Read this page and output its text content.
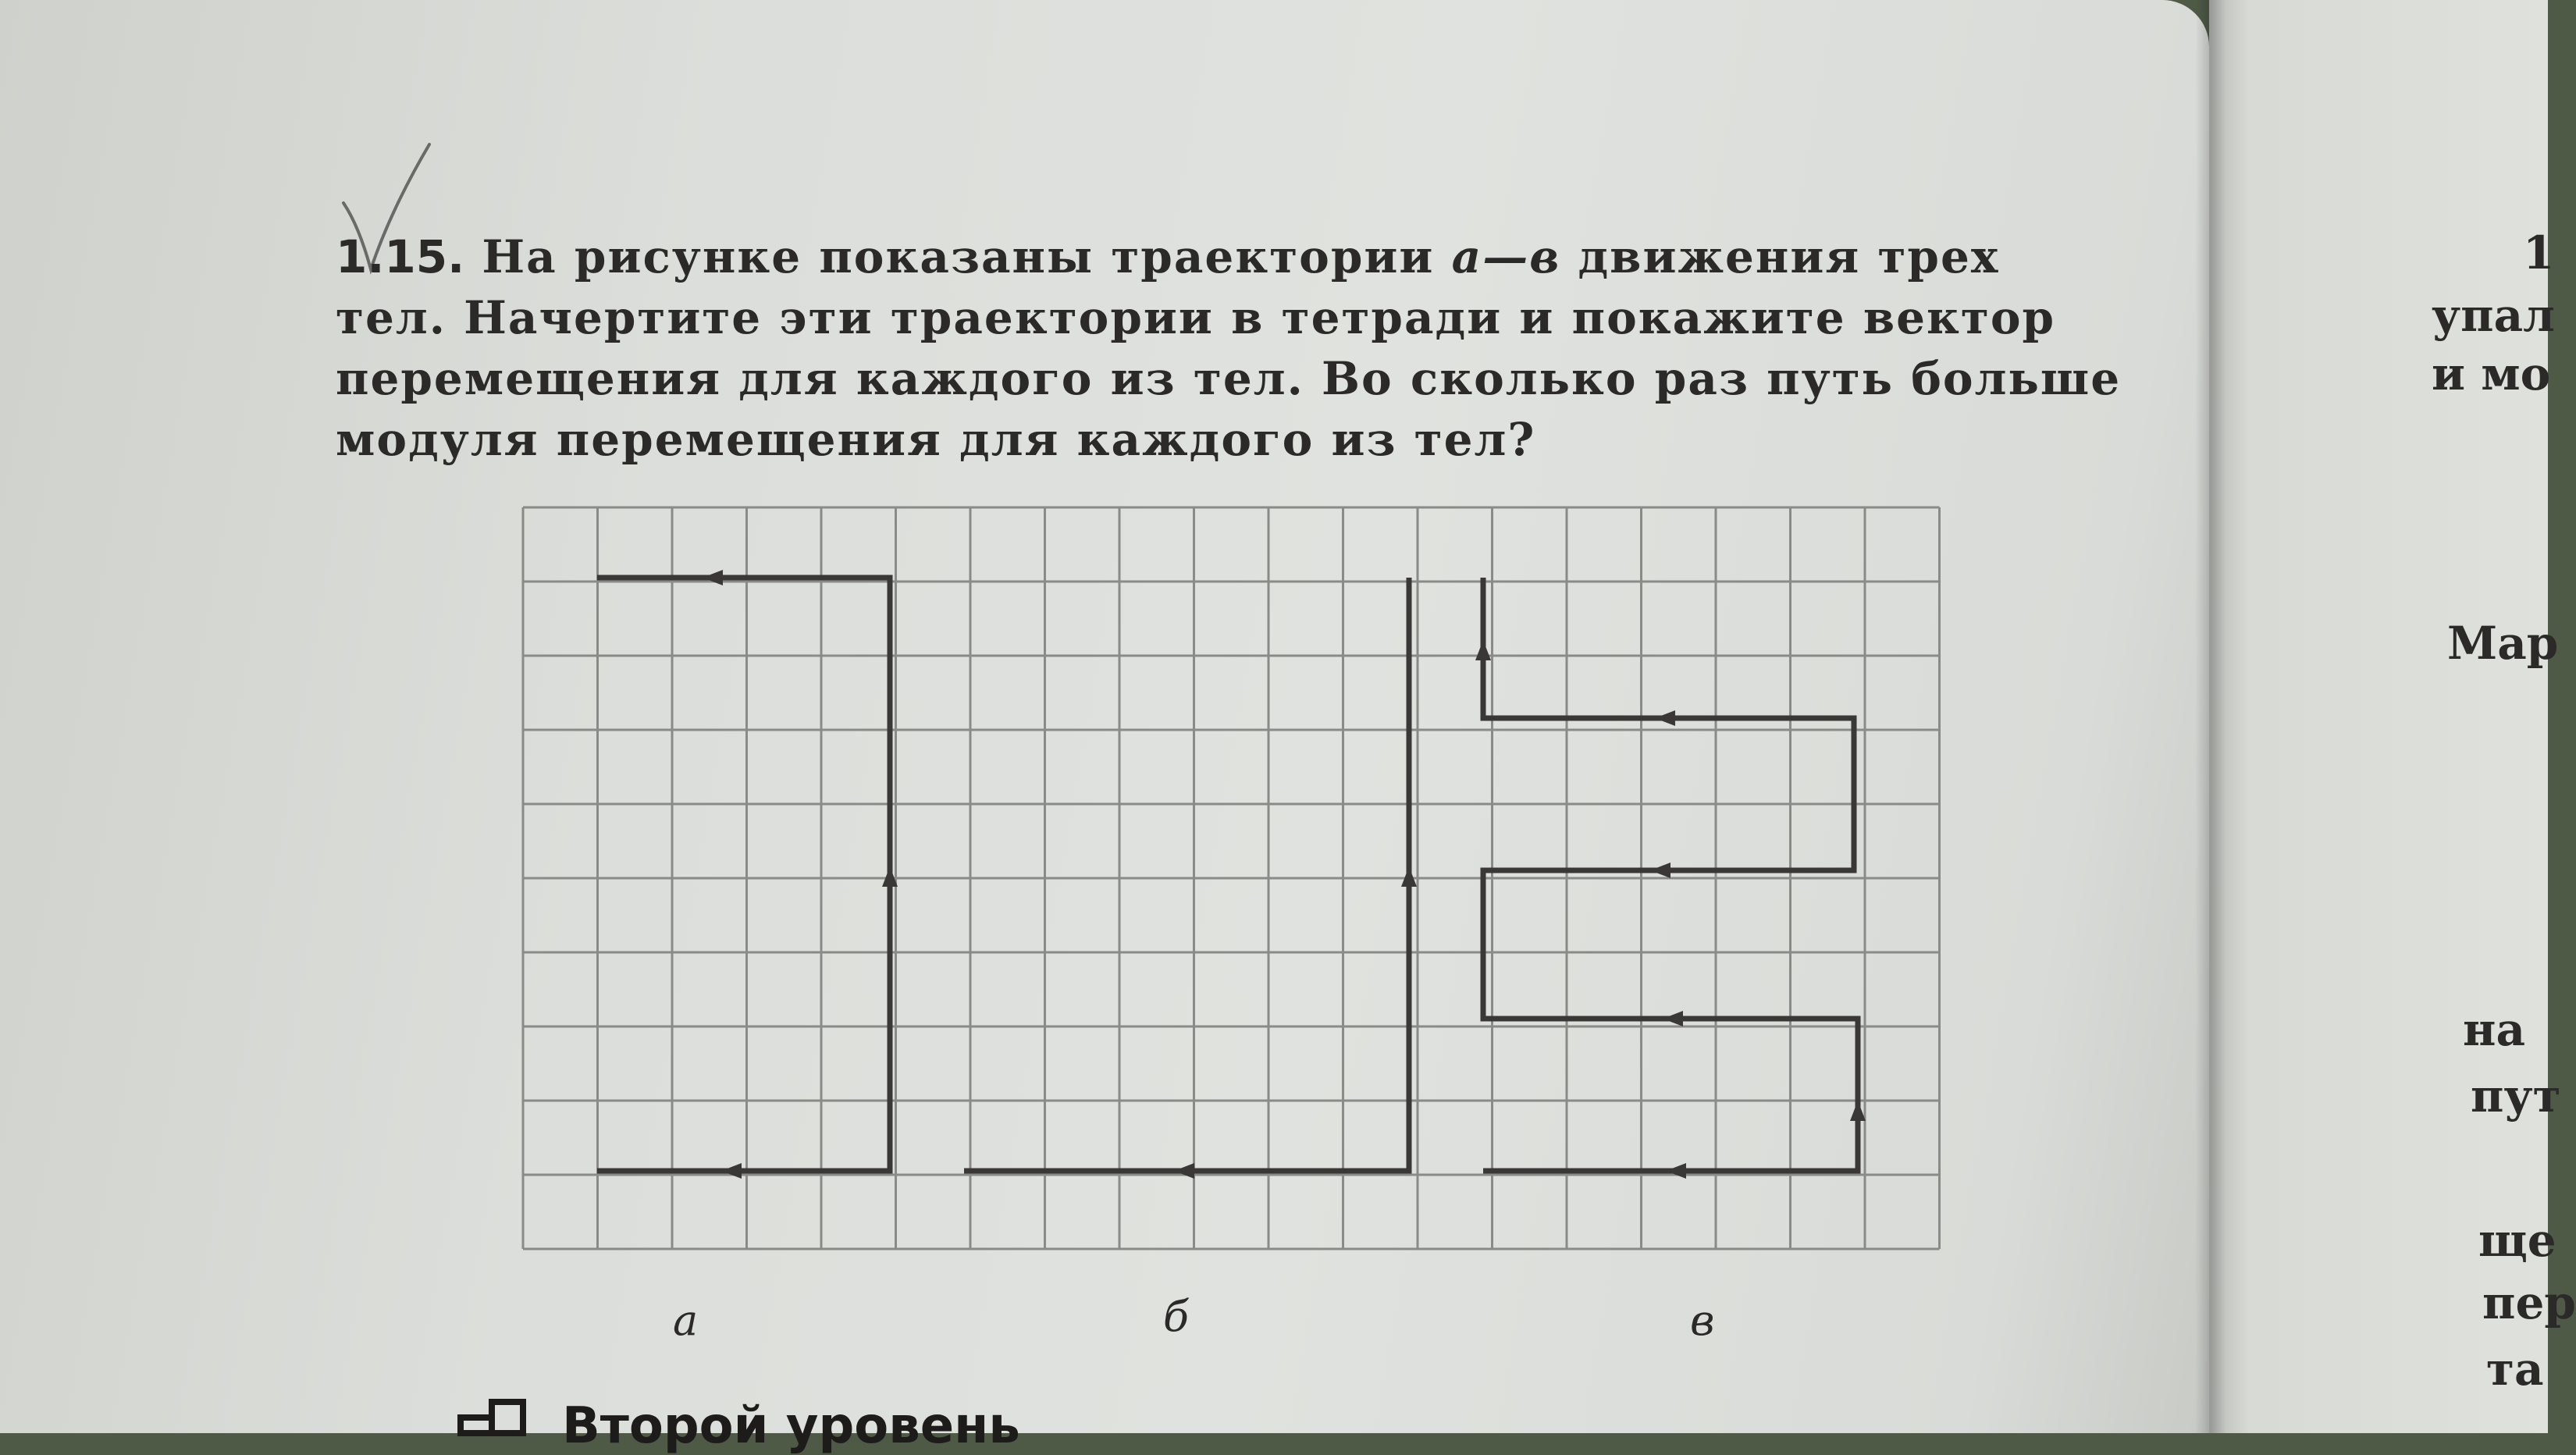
1.15. На рисунке показаны траектории а—в движения трех
тел. Начертите эти траектории в тетради и покажите вектор
перемещения для каждого из тел. Во сколько раз путь больше
модуля перемещения для каждого из тел?
а	б	в
1
упал
и мо
Мар
на
пут
ще
пер
та
Второй уровень
